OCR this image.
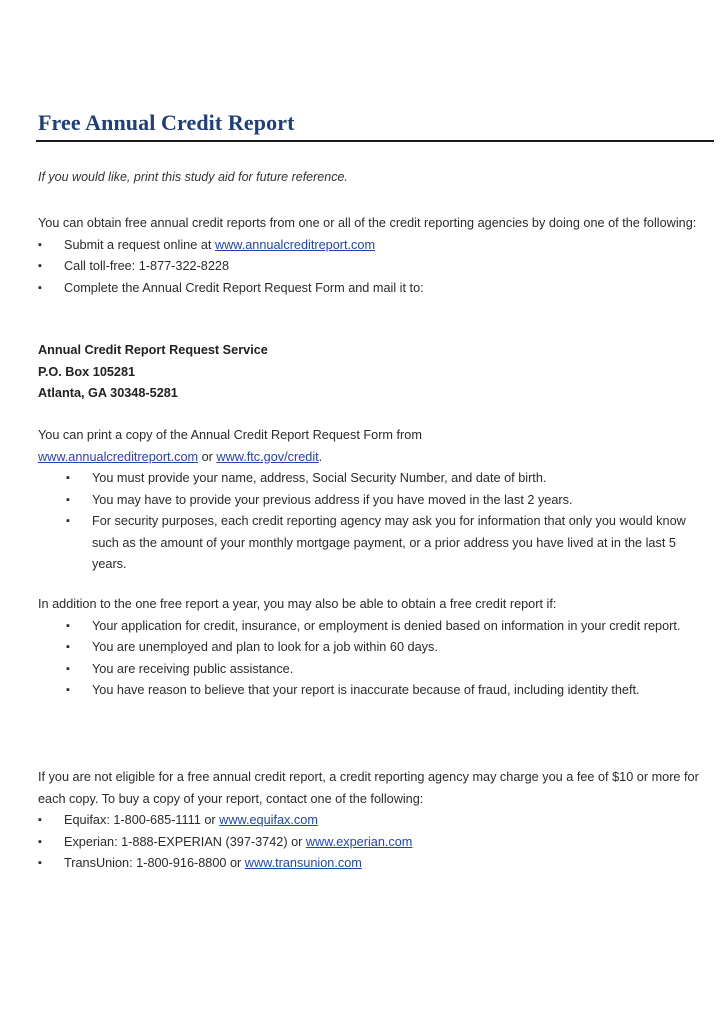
Free Annual Credit Report
If you would like, print this study aid for future reference.

You can obtain free annual credit reports from one or all of the credit reporting agencies by doing one of the following:

▪ Submit a request online at www.annualcreditreport.com
▪ Call toll-free: 1-877-322-8228
▪ Complete the Annual Credit Report Request Form and mail it to:

Annual Credit Report Request Service

P.O. Box 105281

Atlanta, GA 30348-5281

You can print a copy of the Annual Credit Report Request Form from

www.annualcreditreport.com or www.ftc.gov/credit.

▪ You must provide your name, address, Social Security Number, and date of birth.
▪ You may have to provide your previous address if you have moved in the last 2 years.
▪ For security purposes, each credit reporting agency may ask you for information that only you would know such as the amount of your monthly mortgage payment, or a prior address you have lived at in the last 5 years.

In addition to the one free report a year, you may also be able to obtain a free credit report if:

▪ Your application for credit, insurance, or employment is denied based on information in your credit report.
▪ You are unemployed and plan to look for a job within 60 days.
▪ You are receiving public assistance.
▪ You have reason to believe that your report is inaccurate because of fraud, including identity theft.

If you are not eligible for a free annual credit report, a credit reporting agency may charge you a fee of $10 or more for each copy. To buy a copy of your report, contact one of the following:

▪ Equifax: 1-800-685-1111 or www.equifax.com
▪ Experian: 1-888-EXPERIAN (397-3742) or www.experian.com
▪ TransUnion: 1-800-916-8800 or www.transunion.com
